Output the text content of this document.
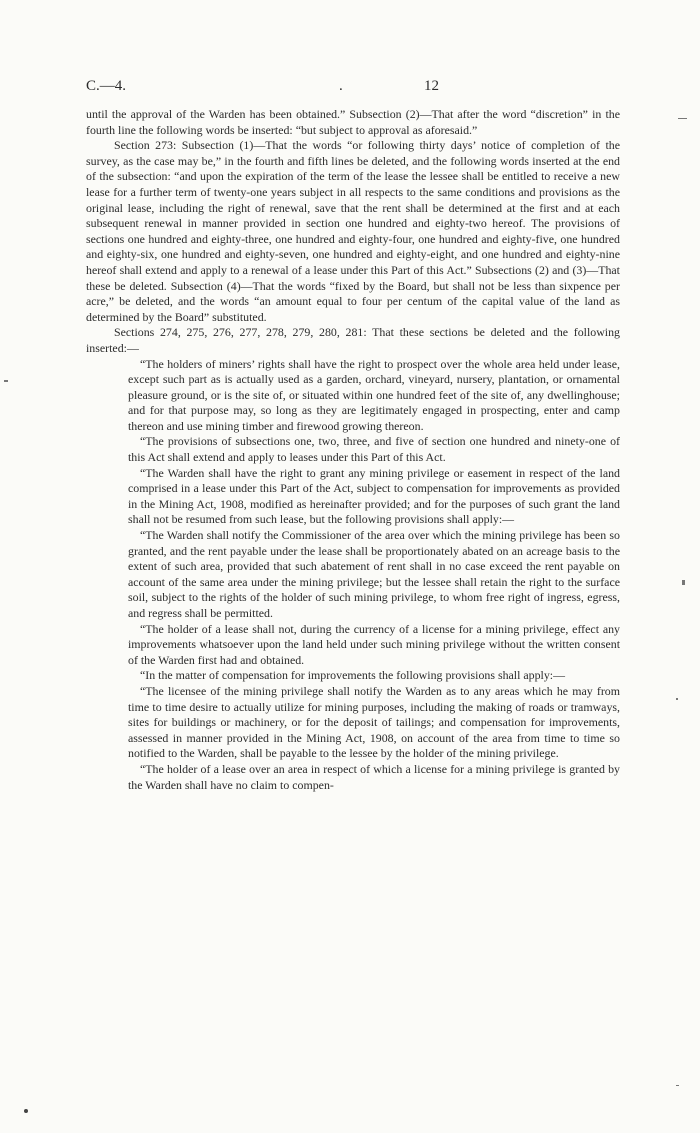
C.—4.	.	12

until the approval of the Warden has been obtained.” Subsection (2)—That after the word “discretion” in the fourth line the following words be inserted: “but subject to approval as aforesaid.”

Section 273: Subsection (1)—That the words “or following thirty days’ notice of completion of the survey, as the case may be,” in the fourth and fifth lines be deleted, and the following words inserted at the end of the subsection: “and upon the expiration of the term of the lease the lessee shall be entitled to receive a new lease for a further term of twenty-one years subject in all respects to the same conditions and provisions as the original lease, including the right of renewal, save that the rent shall be determined at the first and at each subsequent renewal in manner provided in section one hundred and eighty-two hereof. The provisions of sections one hundred and eighty-three, one hundred and eighty-four, one hundred and eighty-five, one hundred and eighty-six, one hundred and eighty-seven, one hundred and eighty-eight, and one hundred and eighty-nine hereof shall extend and apply to a renewal of a lease under this Part of this Act.” Subsections (2) and (3)—That these be deleted. Subsection (4)—That the words “fixed by the Board, but shall not be less than sixpence per acre,” be deleted, and the words “an amount equal to four per centum of the capital value of the land as determined by the Board” substituted.

Sections 274, 275, 276, 277, 278, 279, 280, 281: That these sections be deleted and the following inserted:—

“The holders of miners’ rights shall have the right to prospect over the whole area held under lease, except such part as is actually used as a garden, orchard, vineyard, nursery, plantation, or ornamental pleasure ground, or is the site of, or situated within one hundred feet of the site of, any dwellinghouse; and for that purpose may, so long as they are legitimately engaged in prospecting, enter and camp thereon and use mining timber and firewood growing thereon.

“The provisions of subsections one, two, three, and five of section one hundred and ninety-one of this Act shall extend and apply to leases under this Part of this Act.

“The Warden shall have the right to grant any mining privilege or easement in respect of the land comprised in a lease under this Part of the Act, subject to compensation for improvements as provided in the Mining Act, 1908, modified as hereinafter provided; and for the purposes of such grant the land shall not be resumed from such lease, but the following provisions shall apply:—

“The Warden shall notify the Commissioner of the area over which the mining privilege has been so granted, and the rent payable under the lease shall be proportionately abated on an acreage basis to the extent of such area, provided that such abatement of rent shall in no case exceed the rent payable on account of the same area under the mining privilege; but the lessee shall retain the right to the surface soil, subject to the rights of the holder of such mining privilege, to whom free right of ingress, egress, and regress shall be permitted.

“The holder of a lease shall not, during the currency of a license for a mining privilege, effect any improvements whatsoever upon the land held under such mining privilege without the written consent of the Warden first had and obtained.

“In the matter of compensation for improvements the following provisions shall apply:—

“The licensee of the mining privilege shall notify the Warden as to any areas which he may from time to time desire to actually utilize for mining purposes, including the making of roads or tramways, sites for buildings or machinery, or for the deposit of tailings; and compensation for improvements, assessed in manner provided in the Mining Act, 1908, on account of the area from time to time so notified to the Warden, shall be payable to the lessee by the holder of the mining privilege.

“The holder of a lease over an area in respect of which a license for a mining privilege is granted by the Warden shall have no claim to compen-
